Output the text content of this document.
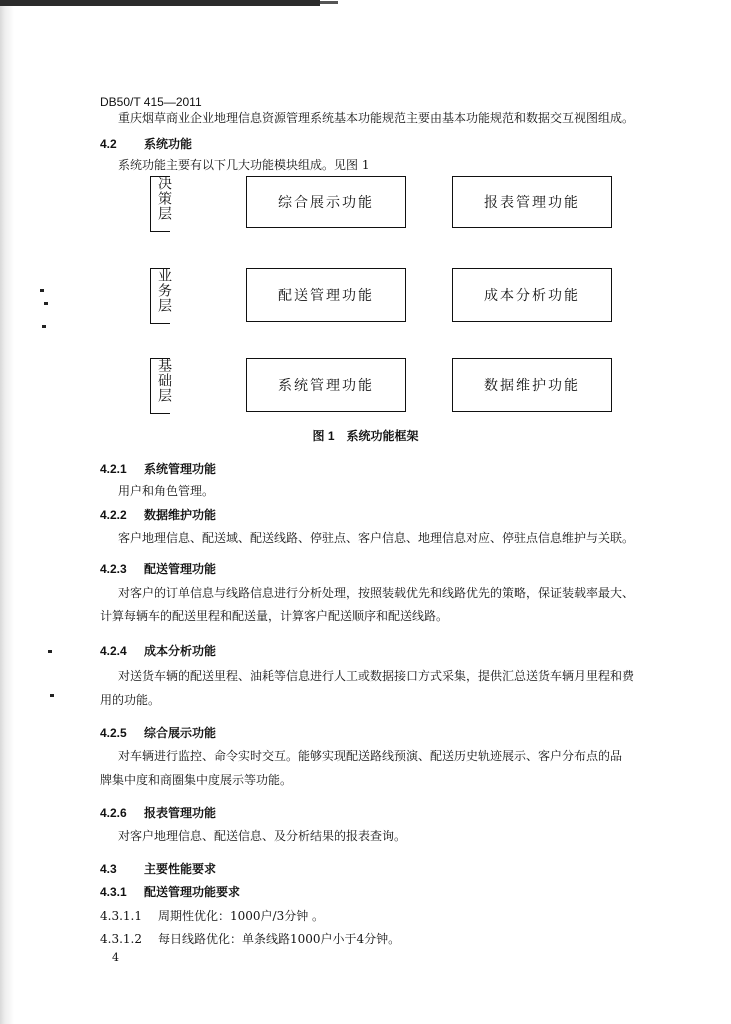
DB50/T 415—2011
重庆烟草商业企业地理信息资源管理系统基本功能规范主要由基本功能规范和数据交互视图组成。
4.2 系统功能
系统功能主要有以下几大功能模块组成。见图 1
决策层	综合展示功能	报表管理功能
业务层	配送管理功能	成本分析功能
基础层	系统管理功能	数据维护功能
图 1　系统功能框架
4.2.1 系统管理功能
用户和角色管理。
4.2.2 数据维护功能
客户地理信息、配送域、配送线路、停驻点、客户信息、地理信息对应、停驻点信息维护与关联。
4.2.3 配送管理功能
对客户的订单信息与线路信息进行分析处理，按照装载优先和线路优先的策略，保证装载率最大、
计算每辆车的配送里程和配送量，计算客户配送顺序和配送线路。
4.2.4 成本分析功能
对送货车辆的配送里程、油耗等信息进行人工或数据接口方式采集，提供汇总送货车辆月里程和费
用的功能。
4.2.5 综合展示功能
对车辆进行监控、命令实时交互。能够实现配送路线预演、配送历史轨迹展示、客户分布点的品
牌集中度和商圈集中度展示等功能。
4.2.6 报表管理功能
对客户地理信息、配送信息、及分析结果的报表查询。
4.3 主要性能要求
4.3.1 配送管理功能要求
4.3.1.1 周期性优化：1000户/3分钟 。
4.3.1.2 每日线路优化：单条线路1000户小于4分钟。
4
